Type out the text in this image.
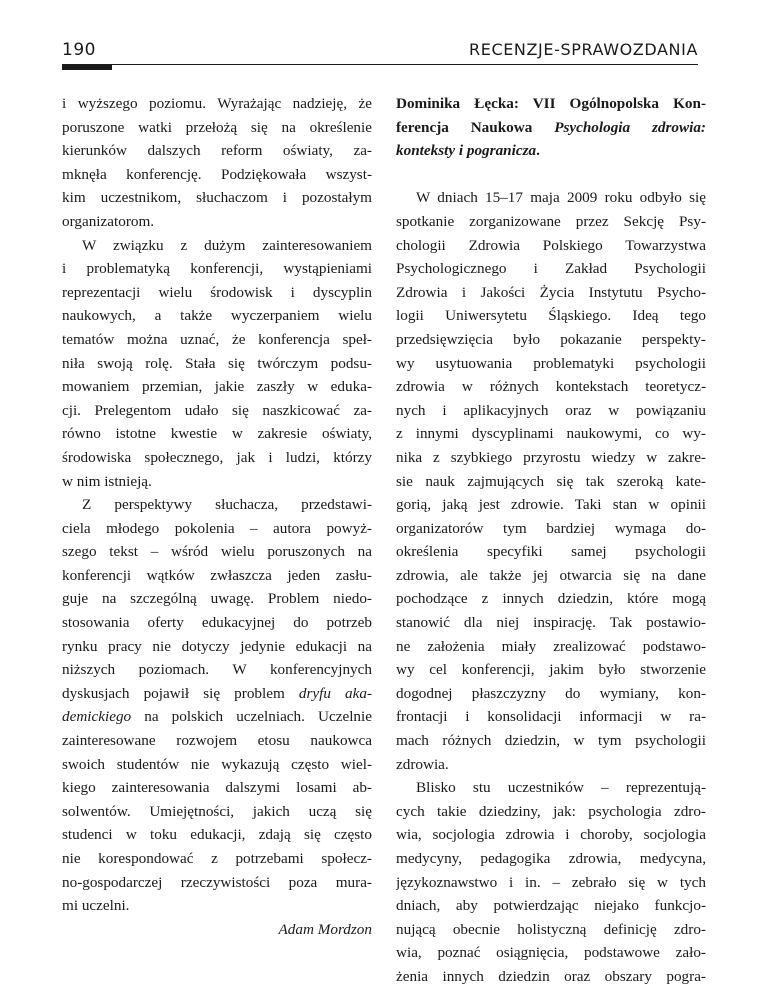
190	RECENZJE-SPRAWOZDANIA
i wyższego poziomu. Wyrażając nadzieję, że
poruszone watki przełożą się na określenie
kierunków dalszych reform oświaty, za-
mknęła konferencję. Podziękowała wszyst-
kim uczestnikom, słuchaczom i pozostałym
organizatorom.
W związku z dużym zainteresowaniem
i problematyką konferencji, wystąpieniami
reprezentacji wielu środowisk i dyscyplin
naukowych, a także wyczerpaniem wielu
tematów można uznać, że konferencja speł-
niła swoją rolę. Stała się twórczym podsu-
mowaniem przemian, jakie zaszły w eduka-
cji. Prelegentom udało się naszkicować za-
równo istotne kwestie w zakresie oświaty,
środowiska społecznego, jak i ludzi, którzy
w nim istnieją.
Z perspektywy słuchacza, przedstawi-
ciela młodego pokolenia – autora powyż-
szego tekst – wśród wielu poruszonych na
konferencji wątków zwłaszcza jeden zasłu-
guje na szczególną uwagę. Problem niedo-
stosowania oferty edukacyjnej do potrzeb
rynku pracy nie dotyczy jedynie edukacji na
niższych poziomach. W konferencyjnych
dyskusjach pojawił się problem dryfu aka-
demickiego na polskich uczelniach. Uczelnie
zainteresowane rozwojem etosu naukowca
swoich studentów nie wykazują często wiel-
kiego zainteresowania dalszymi losami ab-
solwentów. Umiejętności, jakich uczą się
studenci w toku edukacji, zdają się często
nie korespondować z potrzebami społecz-
no-gospodarczej rzeczywistości poza mura-
mi uczelni.
Adam Mordzon
Dominika Łęcka: VII Ogólnopolska Kon-
ferencja Naukowa Psychologia zdrowia:
konteksty i pogranicza.
W dniach 15–17 maja 2009 roku odbyło się
spotkanie zorganizowane przez Sekcję Psy-
chologii Zdrowia Polskiego Towarzystwa
Psychologicznego i Zakład Psychologii
Zdrowia i Jakości Życia Instytutu Psycho-
logii Uniwersytetu Śląskiego. Ideą tego
przedsięwzięcia było pokazanie perspekty-
wy usytuowania problematyki psychologii
zdrowia w różnych kontekstach teoretycz-
nych i aplikacyjnych oraz w powiązaniu
z innymi dyscyplinami naukowymi, co wy-
nika z szybkiego przyrostu wiedzy w zakre-
sie nauk zajmujących się tak szeroką kate-
gorią, jaką jest zdrowie. Taki stan w opinii
organizatorów tym bardziej wymaga do-
określenia specyfiki samej psychologii
zdrowia, ale także jej otwarcia się na dane
pochodzące z innych dziedzin, które mogą
stanowić dla niej inspirację. Tak postawio-
ne założenia miały zrealizować podstawo-
wy cel konferencji, jakim było stworzenie
dogodnej płaszczyzny do wymiany, kon-
frontacji i konsolidacji informacji w ra-
mach różnych dziedzin, w tym psychologii
zdrowia.
Blisko stu uczestników – reprezentują-
cych takie dziedziny, jak: psychologia zdro-
wia, socjologia zdrowia i choroby, socjologia
medycyny, pedagogika zdrowia, medycyna,
językoznawstwo i in. – zebrało się w tych
dniach, aby potwierdzając niejako funkcjo-
nującą obecnie holistyczną definicję zdro-
wia, poznać osiągnięcia, podstawowe zało-
żenia innych dziedzin oraz obszary pogra-
